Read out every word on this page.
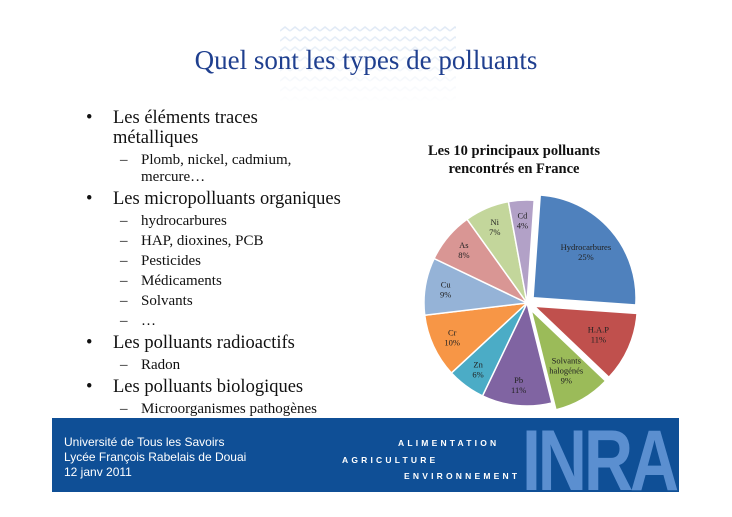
Quel sont les types de polluants
• Les éléments traces
métalliques
– Plomb, nickel, cadmium,
mercure…
• Les micropolluants organiques
– hydrocarbures
– HAP, dioxines, PCB
– Pesticides
– Médicaments
– Solvants
– …
• Les polluants radioactifs
– Radon
• Les polluants biologiques
– Microorganismes pathogènes
Les 10 principaux polluants rencontrés en France
Hydrocarbures 25%
H.A.P 11%
Solvants halogénés 9%
Pb 11%
Zn 6%
Cr 10%
Cu 9%
As 8%
Ni 7%
Cd 4%
Université de Tous les Savoirs
Lycée François Rabelais de Douai
12 janv 2011
ALIMENTATION
AGRICULTURE
ENVIRONNEMENT INRA
